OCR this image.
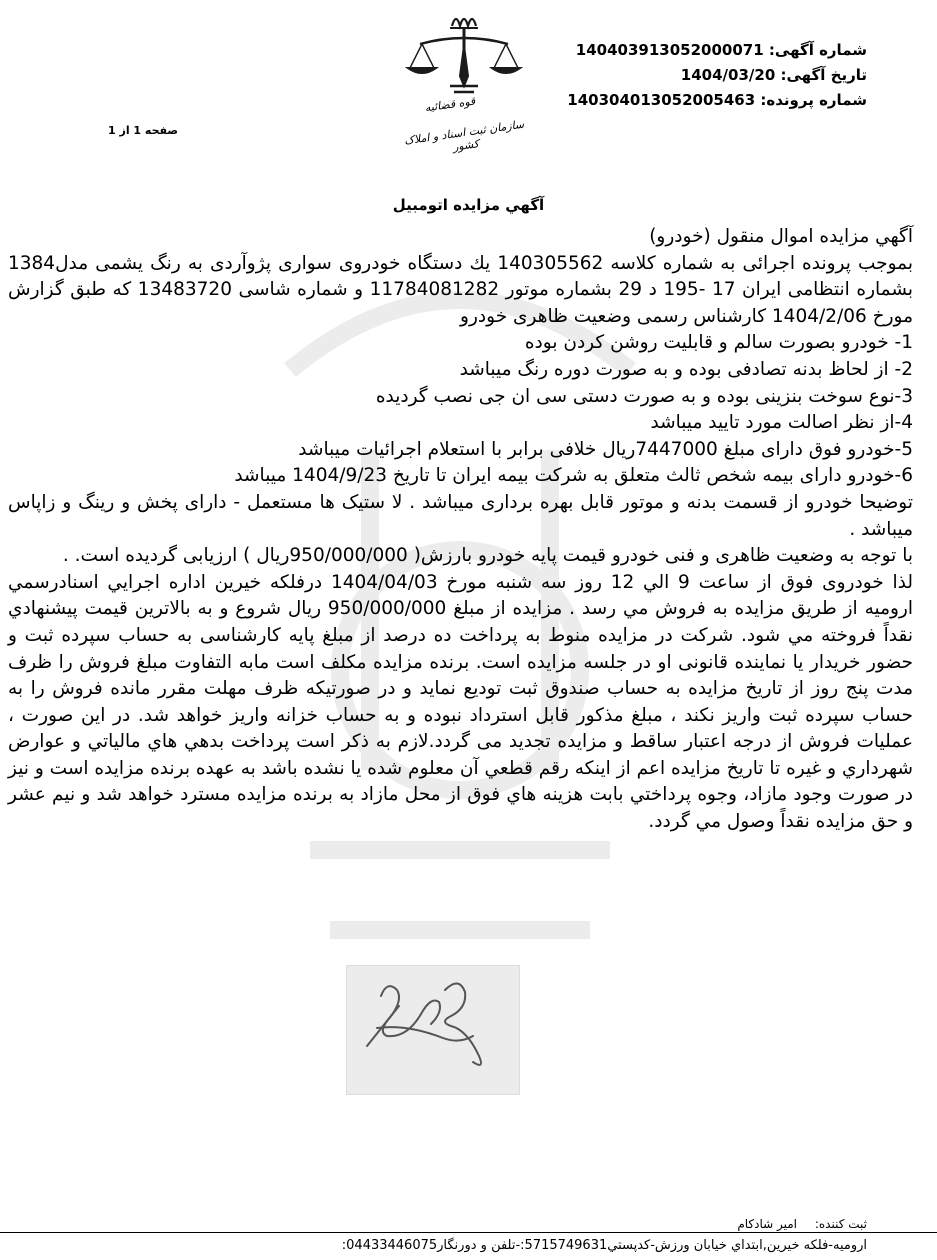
شماره آگهی: 14040391305200007​1
تاریخ آگهی: 1404/03/20
شماره پرونده: 140304013052005463
صفحه 1 از 1
قوه قضائیه
سازمان ثبت اسناد و املاک کشور
آگهي مزايده اتومبيل

آگهي مزايده اموال منقول (خودرو)

بموجب پرونده اجرائی به شماره کلاسه 140305562 يك دستگاه خودروی سواری پژوآردی به رنگ يشمی مدل1384 بشماره انتظامی ایران 17 -195 د 29 بشماره موتور 11784081282 و شماره شاسی 13483720 که طبق گزارش مورخ 1404/2/06 کارشناس رسمی وضعیت ظاهری خودرو

1- خودرو بصورت سالم و قابلیت روشن کردن بوده

2- از لحاظ بدنه تصادفی بوده و به صورت دوره رنگ میباشد

3-نوع سوخت بنزینی بوده و به صورت دستی سی ان جی نصب گردیده

4-از نظر اصالت مورد تایید میباشد

5-خودرو فوق دارای مبلغ 7447000ریال خلافی برابر با استعلام اجرائیات میباشد

6-خودرو دارای بیمه شخص ثالث متعلق به شرکت بیمه ایران تا تاریخ 1404/9/23 میباشد

توضیحا خودرو از قسمت بدنه و موتور قابل بهره برداری میباشد . لا ستیک ها مستعمل - دارای پخش و رینگ و زاپاس میباشد .

با توجه به وضعیت ظاهری و فنی خودرو قیمت پایه خودرو بارزش( 950/000/000ریال ) ارزیابی گردیده است. .

لذا خودروی فوق از ساعت 9 الي 12 روز سه شنبه مورخ 1404/04/03 درفلکه خیرین اداره اجرايي اسنادرسمي اروميه از طريق مزايده به فروش مي رسد . مزايده از مبلغ 950/000/000 ریال شروع و به بالاترين قيمت پيشنهادي نقداً فروخته مي شود. شرکت در مزایده منوط به پرداخت ده درصد از مبلغ پایه کارشناسی به حساب سپرده ثبت و حضور خریدار یا نماینده قانونی او در جلسه مزایده است. برنده مزایده مکلف است مابه التفاوت مبلغ فروش را ظرف مدت پنج روز از تاریخ مزایده به حساب صندوق ثبت تودیع نماید و در صورتیکه ظرف مهلت مقرر مانده فروش را به حساب سپرده ثبت واریز نکند ، مبلغ مذکور قابل استرداد نبوده و به حساب خزانه واریز خواهد شد. در این صورت ، عملیات فروش از درجه اعتبار ساقط و مزایده تجدید می گردد.لازم به ذکر است پرداخت بدهي هاي مالياتي و عوارض شهرداري و غيره تا تاريخ مزايده اعم از اينكه رقم قطعي آن معلوم شده يا نشده باشد به عهده برنده مزايده است و نيز در صورت وجود مازاد، وجوه پرداختي بابت هزينه هاي فوق از محل مازاد به برنده مزايده مسترد خواهد شد و نيم عشر و حق مزايده نقداً وصول مي گردد.

ثبت کننده: امیر شادکام
اروميه-فلكه خيرين,ابتداي خيابان ورزش-كدپستي5715749631:-تلفن و دورنگار04433446075:
